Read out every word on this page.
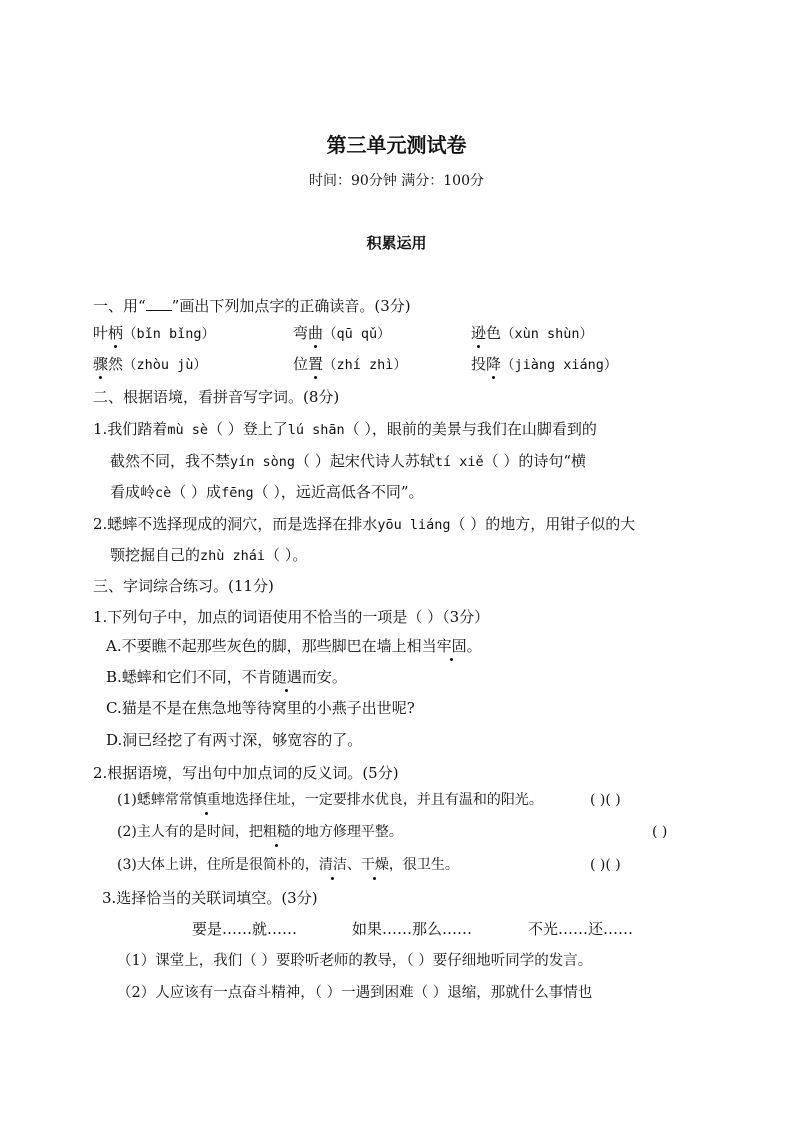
第三单元测试卷
时间：90分钟 满分：100分
积累运用
一、用“ ”画出下列加点字的正确读音。(3分)
叶柄（bǐn bǐng）	弯曲（qū qǔ）	逊色（xùn shùn）
骤然（zhòu jù）	位置（zhí zhì）	投降（jiàng xiáng）
二、根据语境，看拼音写字词。(8分)
1.我们踏着mù sè（ ）登上了lú shān（ ），眼前的美景与我们在山脚看到的
截然不同，我不禁yín sòng（ ）起宋代诗人苏轼tí xiě（ ）的诗句“横
看成岭cè（ ）成fēng（ ），远近高低各不同”。
2.蟋蟀不选择现成的洞穴，而是选择在排水yōu liáng（ ）的地方，用钳子似的大
颚挖掘自己的zhù zhái（ ）。
三、字词综合练习。(11分)
1.下列句子中，加点的词语使用不恰当的一项是（ ）（3分）
A.不要瞧不起那些灰色的脚，那些脚巴在墙上相当牢固。
B.蟋蟀和它们不同，不肯随遇而安。
C.猫是不是在焦急地等待窝里的小燕子出世呢?
D.洞已经挖了有两寸深，够宽容的了。
2.根据语境，写出句中加点词的反义词。(5分)
(1)蟋蟀常常慎重地选择住址，一定要排水优良，并且有温和的阳光。	( )( )
(2)主人有的是时间，把粗糙的地方修理平整。	( )
(3)大体上讲，住所是很简朴的，清洁、干燥，很卫生。	( )( )
3.选择恰当的关联词填空。(3分)
要是……就……	如果……那么……	不光……还……
（1）课堂上，我们（ ）要聆听老师的教导，（ ）要仔细地听同学的发言。
（2）人应该有一点奋斗精神，（ ）一遇到困难（ ）退缩，那就什么事情也
